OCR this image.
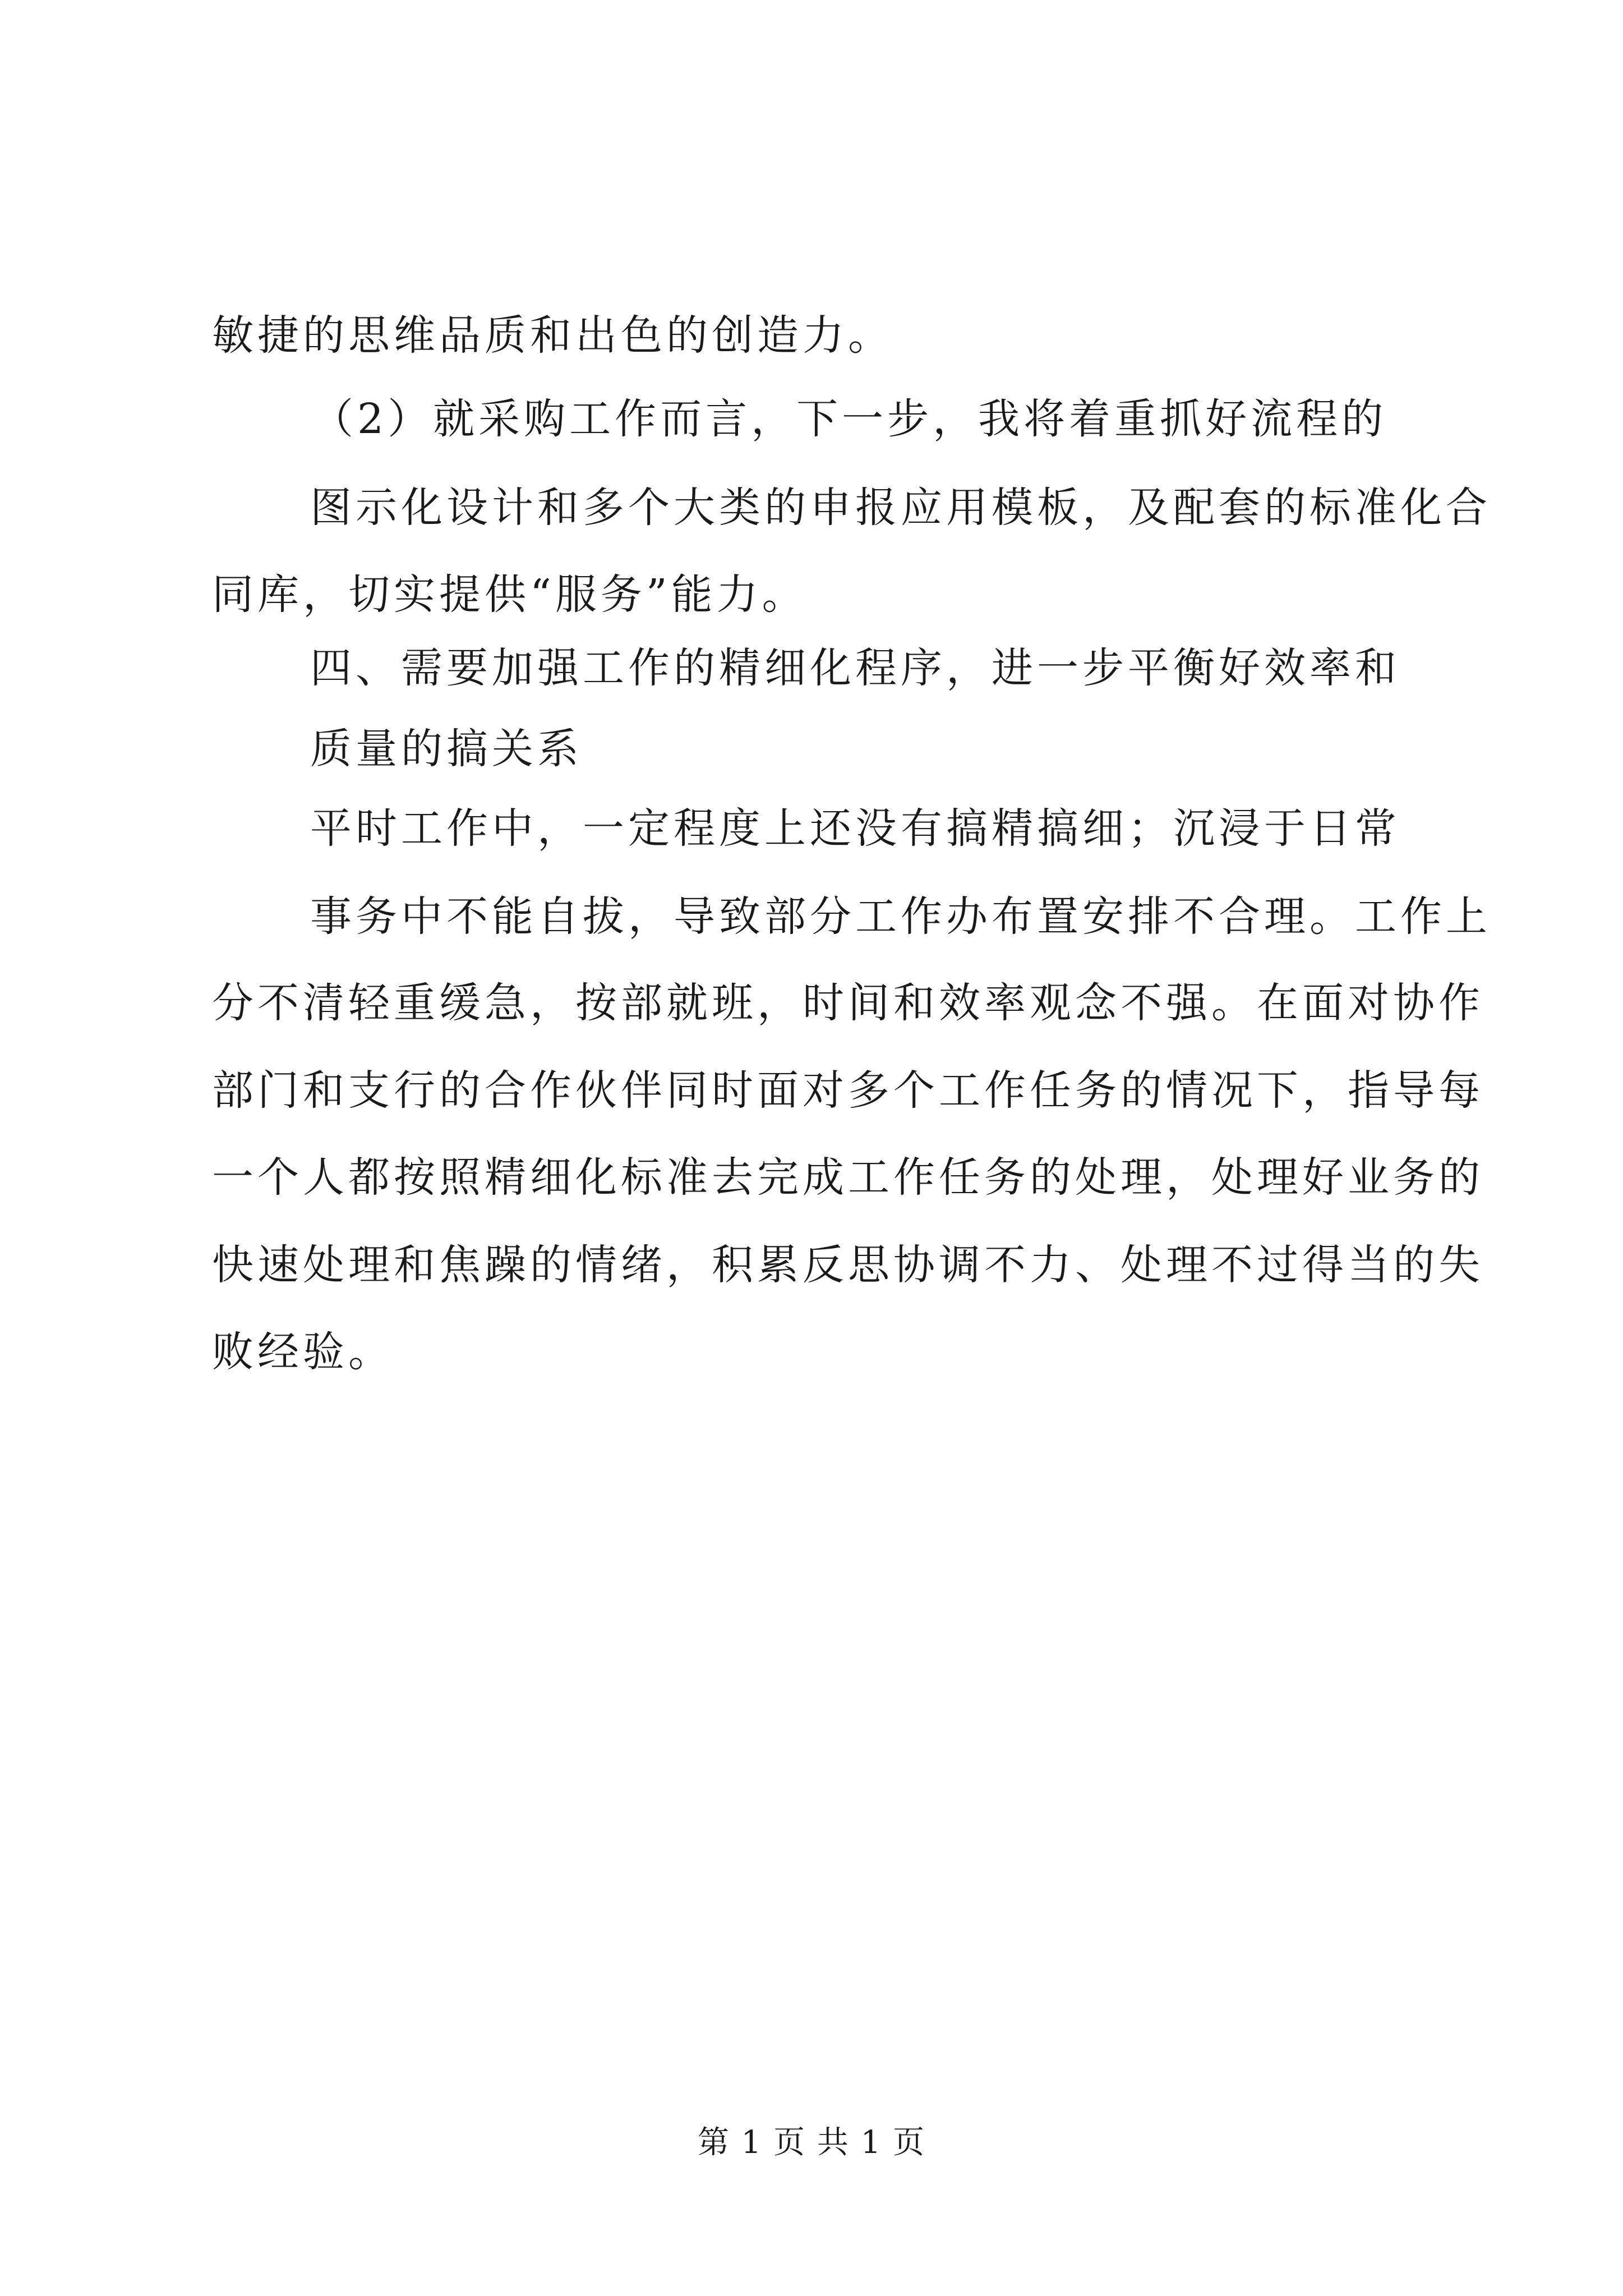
敏捷的思维品质和出色的创造力。
（2）就采购工作而言，下一步，我将着重抓好流程的
图示化设计和多个大类的申报应用模板，及配套的标准化合
同库，切实提供“服务”能力。
四、需要加强工作的精细化程序，进一步平衡好效率和
质量的搞关系
平时工作中，一定程度上还没有搞精搞细；沉浸于日常
事务中不能自拔，导致部分工作办布置安排不合理。工作上
分不清轻重缓急，按部就班，时间和效率观念不强。在面对协作
部门和支行的合作伙伴同时面对多个工作任务的情况下，指导每
一个人都按照精细化标准去完成工作任务的处理，处理好业务的
快速处理和焦躁的情绪，积累反思协调不力、处理不过得当的失
败经验。
第 1 页 共 1 页
